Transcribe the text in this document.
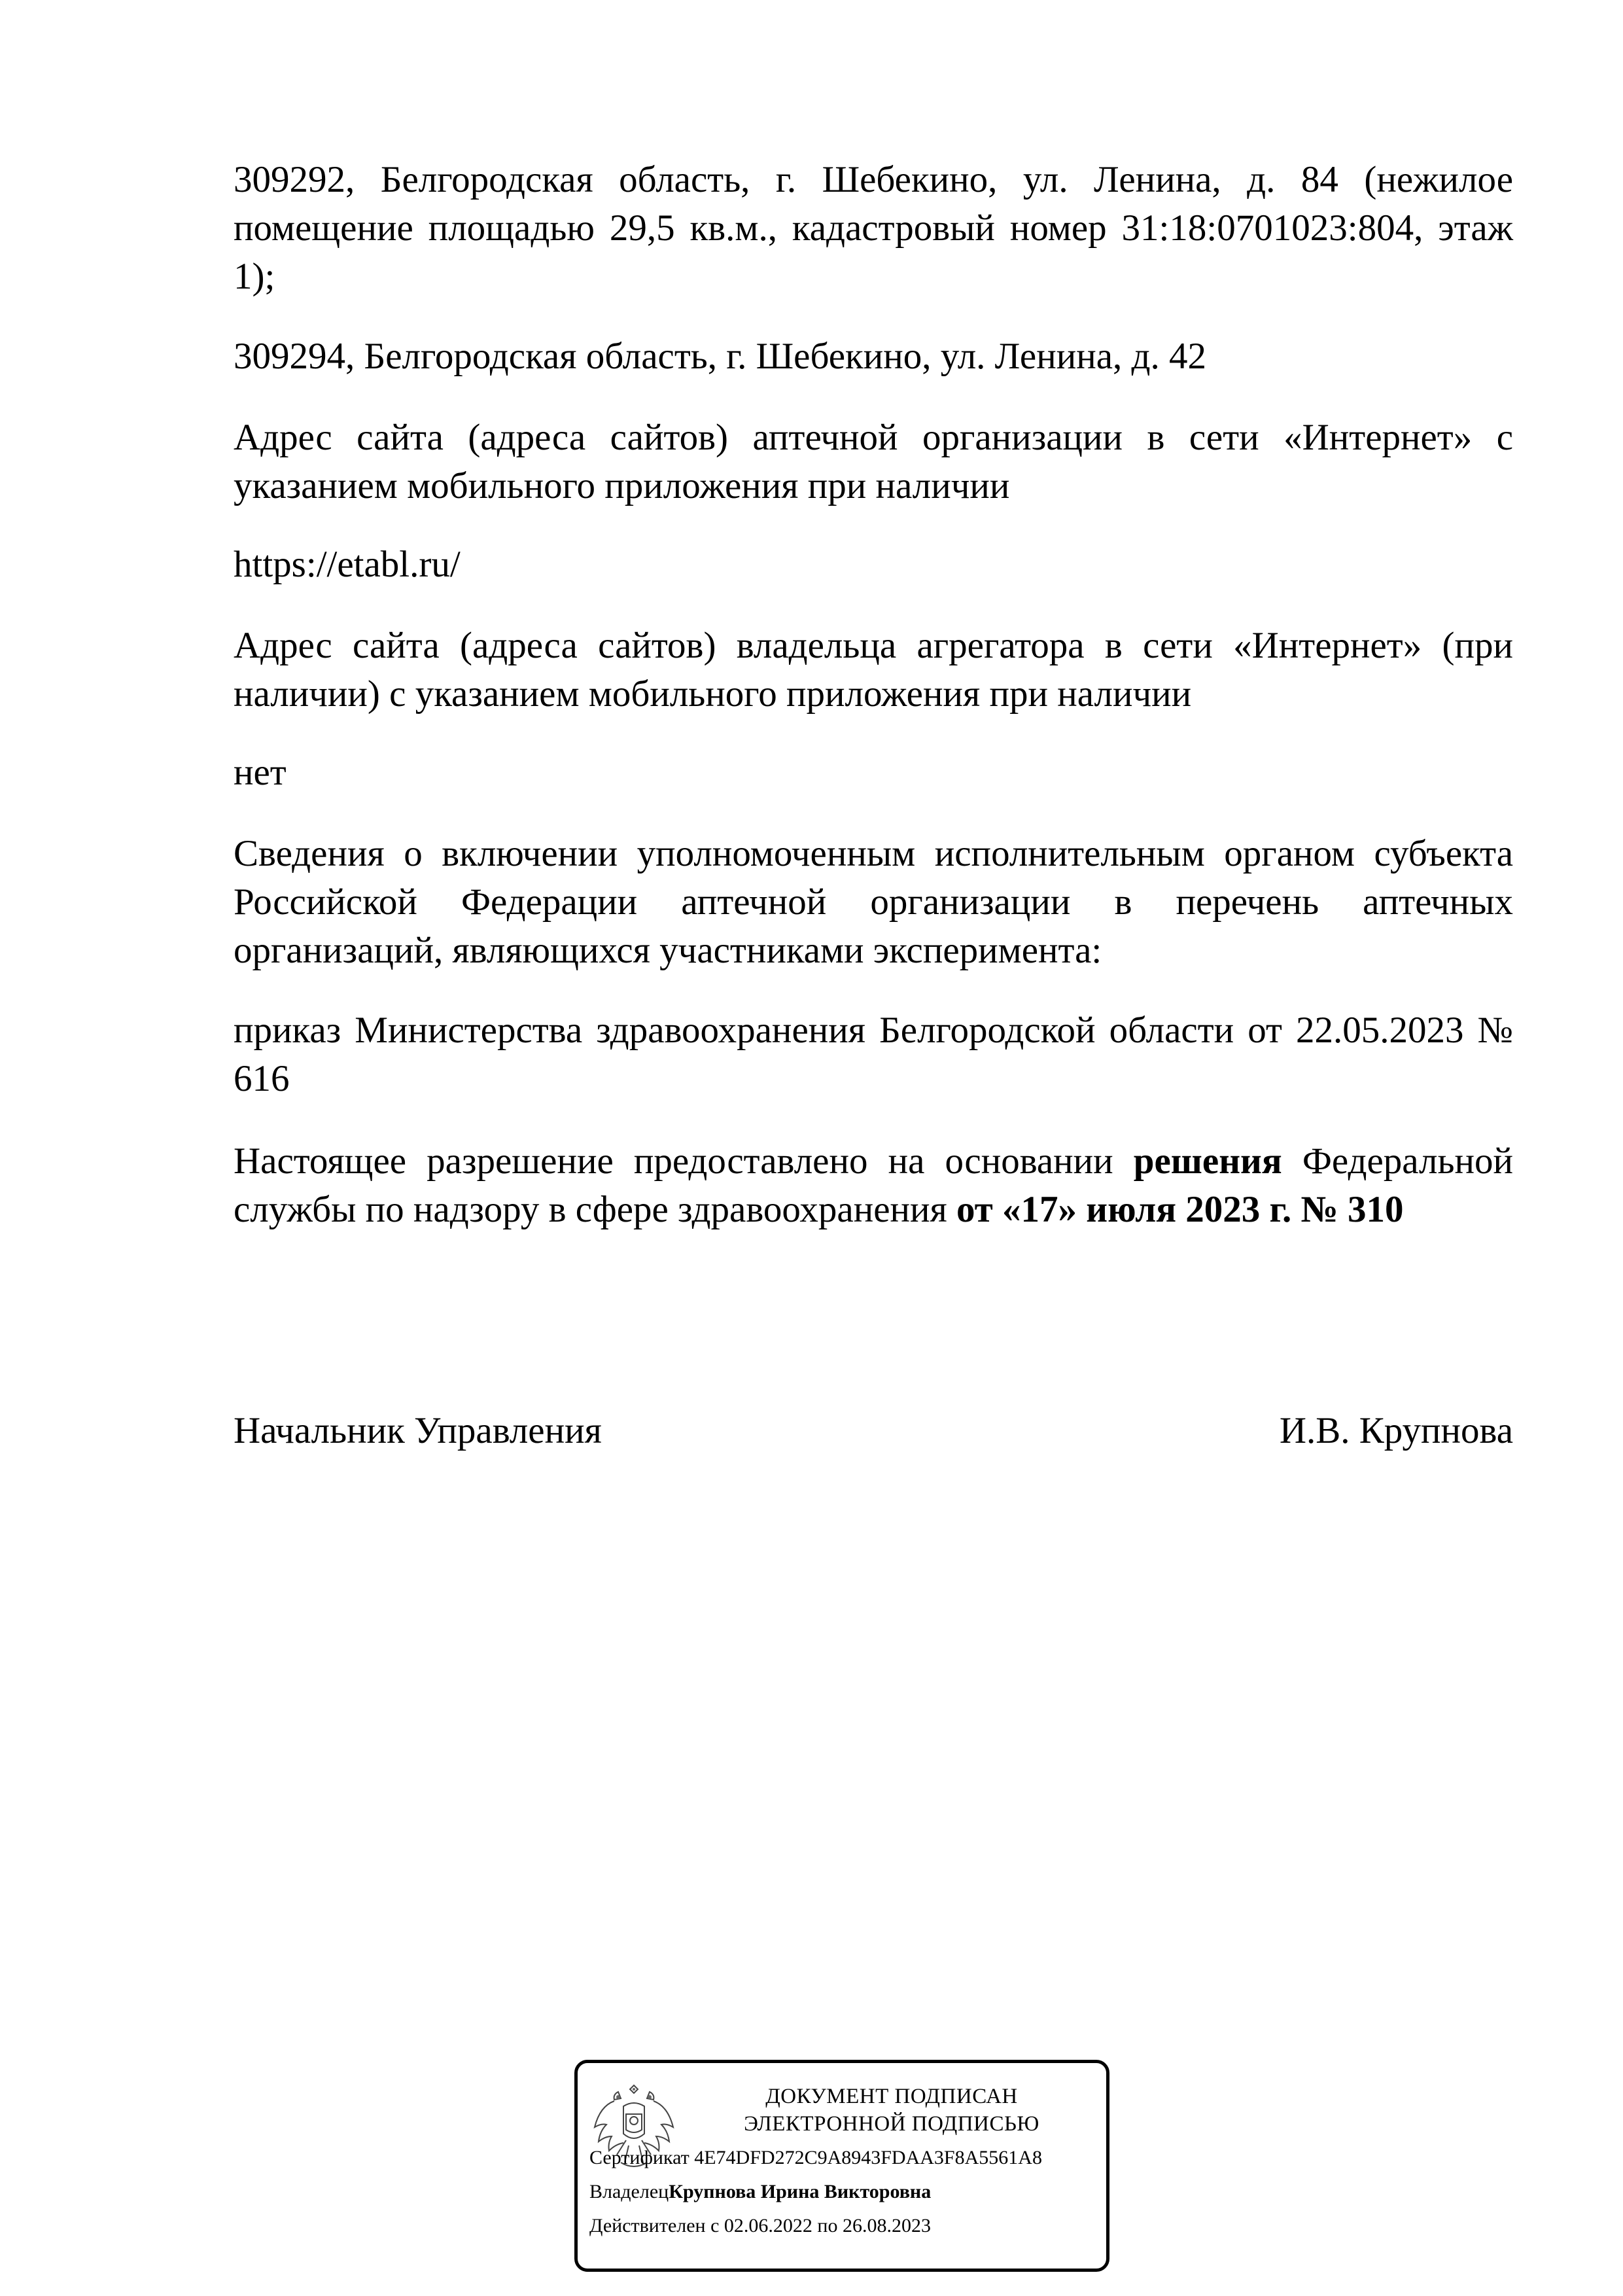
309292, Белгородская область, г. Шебекино, ул. Ленина, д. 84 (нежилое помещение площадью 29,5 кв.м., кадастровый номер 31:18:0701023:804, этаж 1);
309294, Белгородская область, г. Шебекино, ул. Ленина, д. 42
Адрес сайта (адреса сайтов) аптечной организации в сети «Интернет» с указанием мобильного приложения при наличии
https://etabl.ru/
Адрес сайта (адреса сайтов) владельца агрегатора в сети «Интернет» (при наличии) с указанием мобильного приложения при наличии
нет
Сведения о включении уполномоченным исполнительным органом субъекта Российской Федерации аптечной организации в перечень аптечных организаций, являющихся участниками эксперимента:
приказ Министерства здравоохранения Белгородской области от 22.05.2023 № 616
Настоящее разрешение предоставлено на основании решения Федеральной службы по надзору в сфере здравоохранения от «17» июля 2023 г. № 310
Начальник Управления	И.В. Крупнова
ДОКУМЕНТ ПОДПИСАН
ЭЛЕКТРОННОЙ ПОДПИСЬЮ
Сертификат 4E74DFD272C9A8943FDAA3F8A5561A8
ВладелецКрупнова Ирина Викторовна
Действителен с 02.06.2022 по 26.08.2023
